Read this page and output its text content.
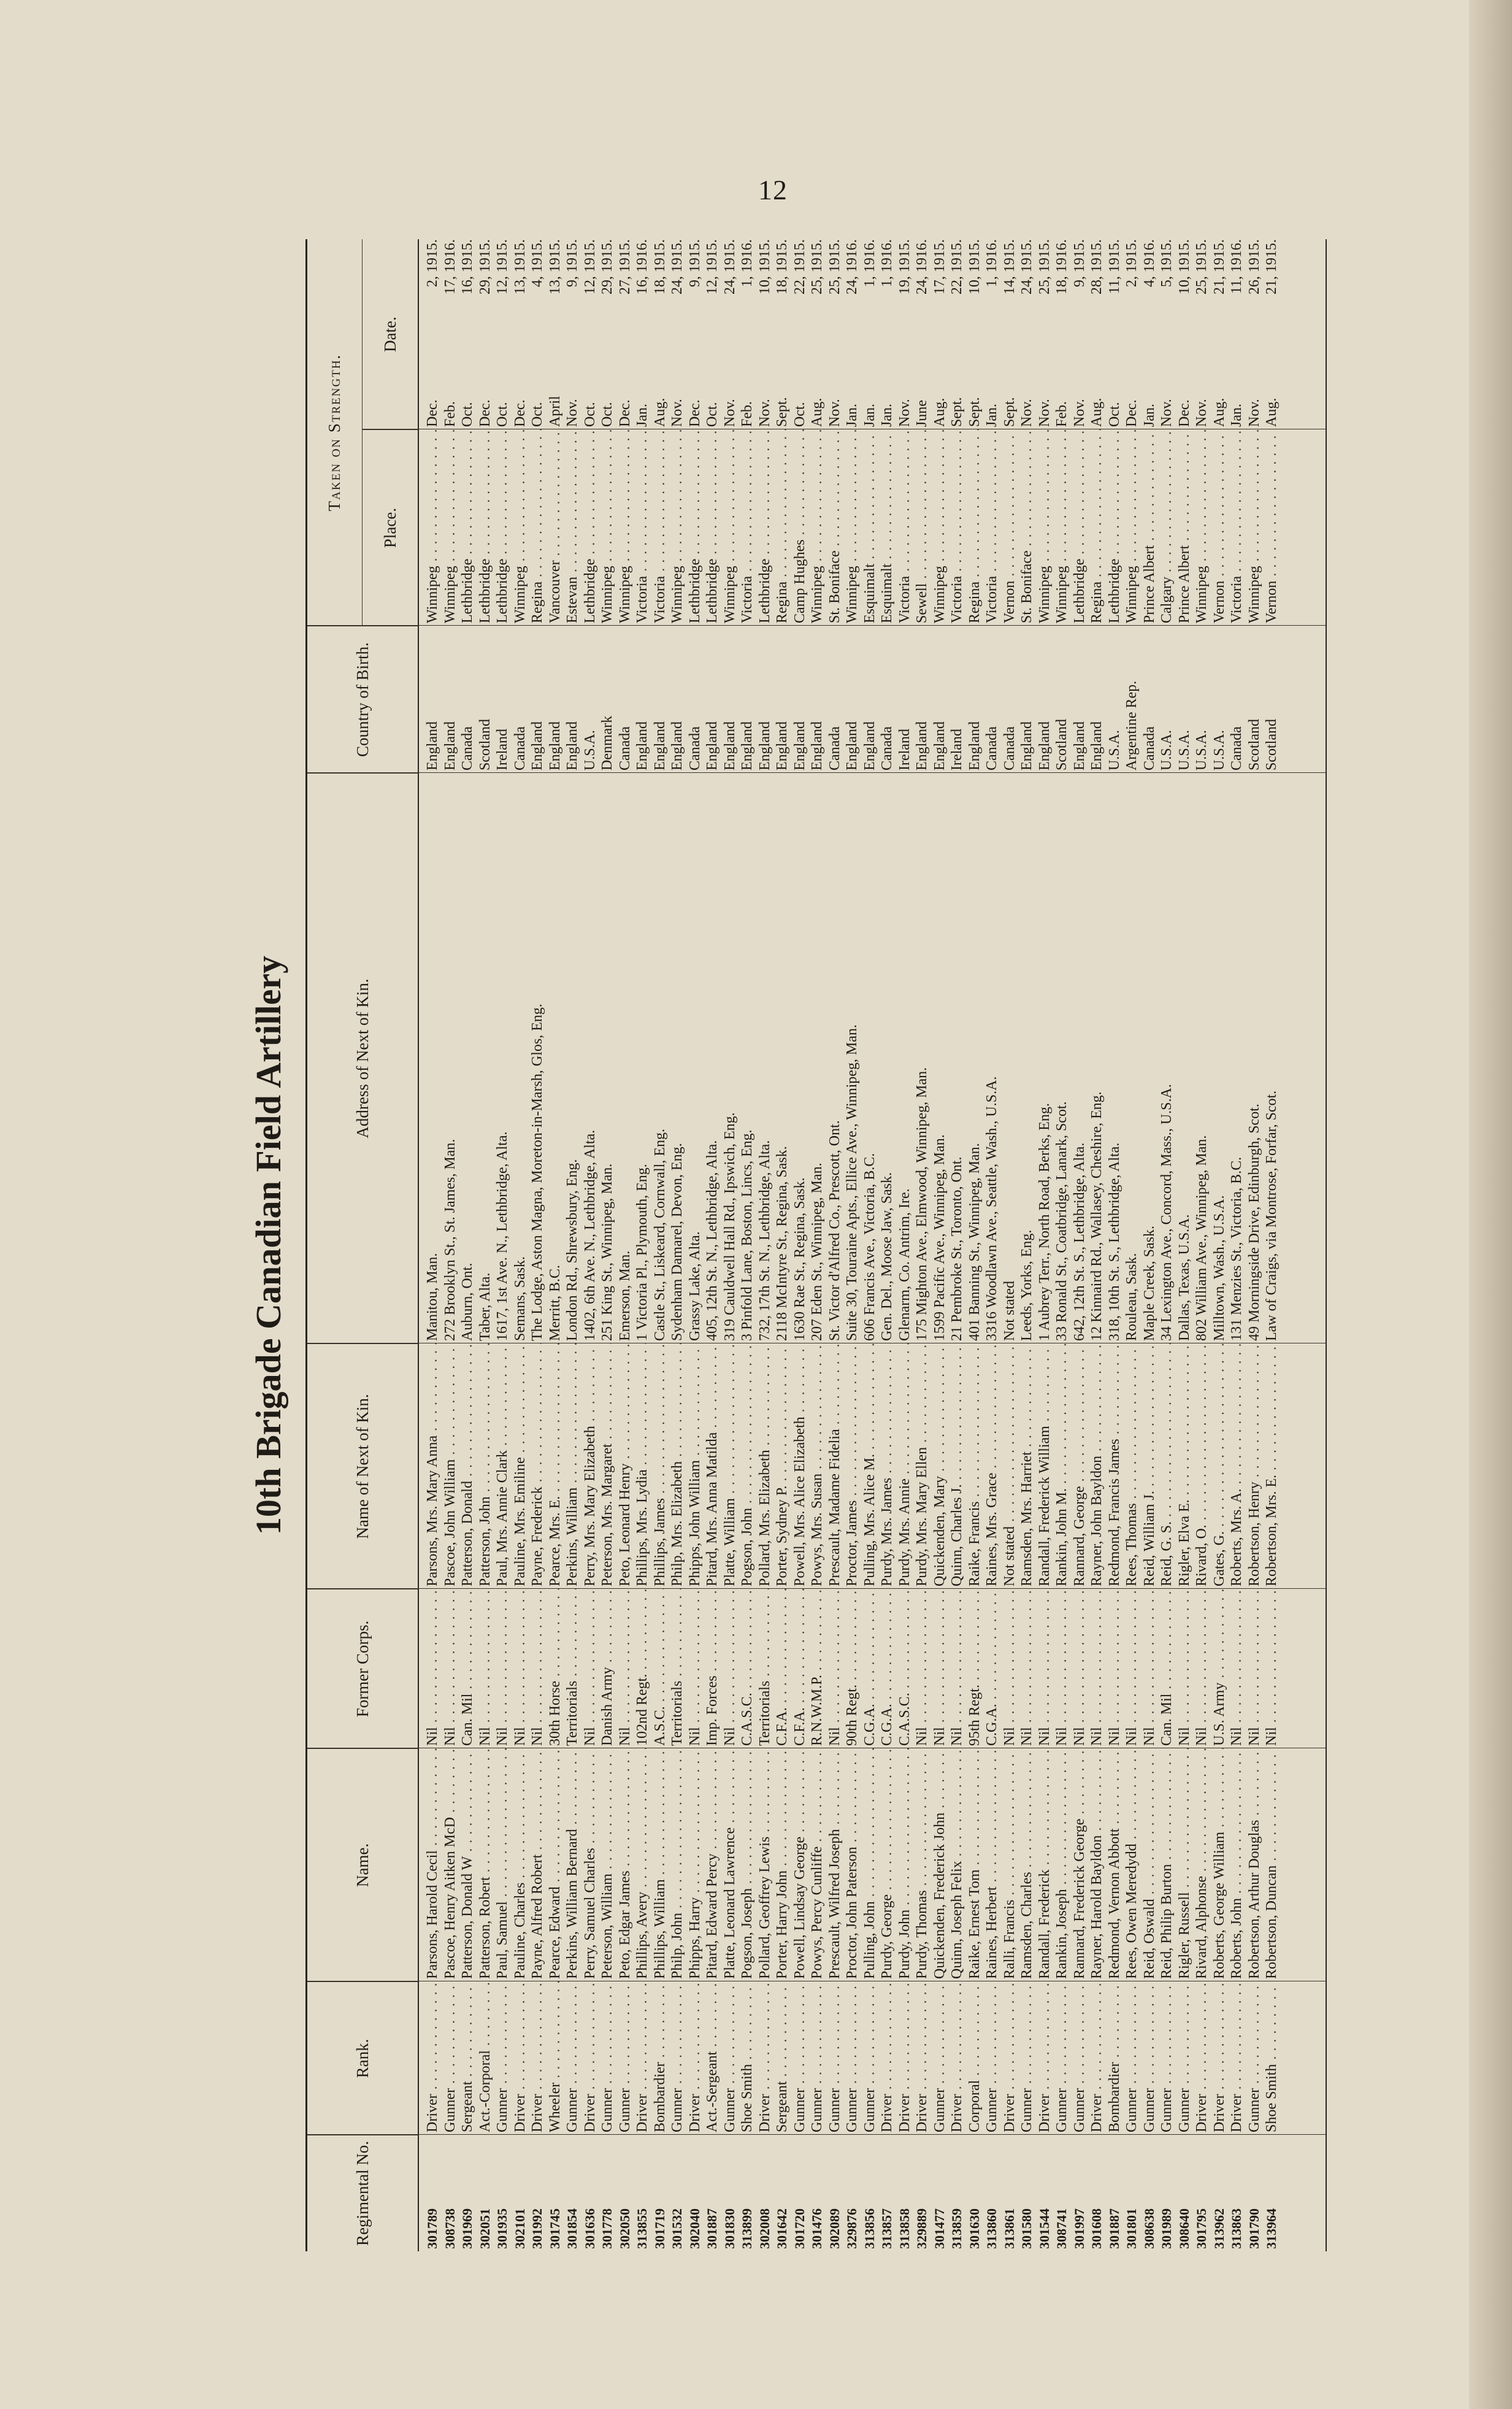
12
10th Brigade Canadian Field Artillery
Regimental No.
Rank.
Name.
Former Corps.
Name of Next of Kin.
Address of Next of Kin.
Country of Birth.
Taken on Strength.
Place.
Date.
301789
Driver . . .
Parsons, Harold Cecil . . .
Nil . . .
Parsons, Mrs. Mary Anna . . .
Manitou, Man.
England
Winnipeg . . .
Dec.
2, 1915.
308738
Gunner . . .
Pascoe, Henry Aitken McD . . .
Nil . . .
Pascoe, John William . . .
272 Brooklyn St., St. James, Man.
England
Winnipeg . . .
Feb.
17, 1916.
301969
Sergeant . . .
Patterson, Donald W . . .
Can. Mil . . .
Patterson, Donald . . .
Auburn, Ont.
Canada
Lethbridge . . .
Oct.
16, 1915.
302051
Act.-Corporal . . .
Patterson, Robert . . .
Nil . . .
Patterson, John . . .
Taber, Alta.
Scotland
Lethbridge . . .
Dec.
29, 1915.
301935
Gunner . . .
Paul, Samuel . . .
Nil . . .
Paul, Mrs. Annie Clark . . .
1617, 1st Ave. N., Lethbridge, Alta.
Ireland
Lethbridge . . .
Oct.
12, 1915.
302101
Driver . . .
Pauline, Charles . . .
Nil . . .
Pauline, Mrs. Emiline . . .
Semans, Sask.
Canada
Winnipeg . . .
Dec.
13, 1915.
301992
Driver . . .
Payne, Alfred Robert . . .
Nil . . .
Payne, Frederick . . .
The Lodge, Aston Magna, Moreton-in-Marsh, Glos, Eng.
England
Regina . . .
Oct.
4, 1915.
301745
Wheeler . . .
Pearce, Edward . . .
30th Horse . . .
Pearce, Mrs. E. . . .
Merritt, B.C.
England
Vancouver . . .
April
13, 1915.
301854
Gunner . . .
Perkins, William Bernard . . .
Territorials . . .
Perkins, William . . .
London Rd., Shrewsbury, Eng.
England
Estevan . . .
Nov.
9, 1915.
301636
Driver . . .
Perry, Samuel Charles . . .
Nil . . .
Perry, Mrs. Mary Elizabeth . . .
1402, 6th Ave. N., Lethbridge, Alta.
U.S.A.
Lethbridge . . .
Oct.
12, 1915.
301778
Gunner . . .
Peterson, William . . .
Danish Army . . .
Peterson, Mrs. Margaret . . .
251 King St., Winnipeg, Man.
Denmark
Winnipeg . . .
Oct.
29, 1915.
302050
Gunner . . .
Peto, Edgar James . . .
Nil . . .
Peto, Leonard Henry . . .
Emerson, Man.
Canada
Winnipeg . . .
Dec.
27, 1915.
313855
Driver . . .
Phillips, Avery . . .
102nd Regt. . . .
Phillips, Mrs. Lydia . . .
1 Victoria Pl., Plymouth, Eng.
England
Victoria . . .
Jan.
16, 1916.
301719
Bombardier . . .
Phillips, William . . .
A.S.C. . . .
Phillips, James . . .
Castle St., Liskeard, Cornwall, Eng.
England
Victoria . . .
Aug.
18, 1915.
301532
Gunner . . .
Philp, John . . .
Territorials . . .
Philp, Mrs. Elizabeth . . .
Sydenham Damarel, Devon, Eng.
England
Winnipeg . . .
Nov.
24, 1915.
302040
Driver . . .
Phipps, Harry . . .
Nil . . .
Phipps, John William . . .
Grassy Lake, Alta.
Canada
Lethbridge . . .
Dec.
9, 1915.
301887
Act.-Sergeant . . .
Pitard, Edward Percy . . .
Imp. Forces . . .
Pitard, Mrs. Anna Matilda . . .
405, 12th St. N., Lethbridge, Alta.
England
Lethbridge . . .
Oct.
12, 1915.
301830
Gunner . . .
Platte, Leonard Lawrence . . .
Nil . . .
Platte, William . . .
319 Cauldwell Hall Rd., Ipswich, Eng.
England
Winnipeg . . .
Nov.
24, 1915.
313899
Shoe Smith . . .
Pogson, Joseph . . .
C.A.S.C. . . .
Pogson, John . . .
3 Pinfold Lane, Boston, Lincs, Eng.
England
Victoria . . .
Feb.
1, 1916.
302008
Driver . . .
Pollard, Geoffrey Lewis . . .
Territorials . . .
Pollard, Mrs. Elizabeth . . .
732, 17th St. N., Lethbridge, Alta.
England
Lethbridge . . .
Nov.
10, 1915.
301642
Sergeant . . .
Porter, Harry John . . .
C.F.A. . . .
Porter, Sydney P. . . .
2118 McIntyre St., Regina, Sask.
England
Regina . . .
Sept.
18, 1915.
301720
Gunner . . .
Powell, Lindsay George . . .
C.F.A. . . .
Powell, Mrs. Alice Elizabeth . . .
1630 Rae St., Regina, Sask.
England
Camp Hughes . . .
Oct.
22, 1915.
301476
Gunner . . .
Powys, Percy Cunliffe . . .
R.N.W.M.P. . . .
Powys, Mrs. Susan . . .
207 Eden St., Winnipeg, Man.
England
Winnipeg . . .
Aug.
25, 1915.
302089
Gunner . . .
Prescault, Wilfred Joseph . . .
Nil . . .
Prescault, Madame Fidelia . . .
St. Victor d'Alfred Co., Prescott, Ont.
Canada
St. Boniface . . .
Nov.
25, 1915.
329876
Gunner . . .
Proctor, John Paterson . . .
90th Regt. . . .
Proctor, James . . .
Suite 30, Touraine Apts., Ellice Ave., Winnipeg, Man.
England
Winnipeg . . .
Jan.
24, 1916.
313856
Gunner . . .
Pulling, John . . .
C.G.A. . . .
Pulling, Mrs. Alice M. . . .
606 Francis Ave., Victoria, B.C.
England
Esquimalt . . .
Jan.
1, 1916.
313857
Driver . . .
Purdy, George . . .
C.G.A. . . .
Purdy, Mrs. James . . .
Gen. Del., Moose Jaw, Sask.
Canada
Esquimalt . . .
Jan.
1, 1916.
313858
Driver . . .
Purdy, John . . .
C.A.S.C. . . .
Purdy, Mrs. Annie . . .
Glenarm, Co. Antrim, Ire.
Ireland
Victoria . . .
Nov.
19, 1915.
329889
Driver . . .
Purdy, Thomas . . .
Nil . . .
Purdy, Mrs. Mary Ellen . . .
175 Mighton Ave., Elmwood, Winnipeg, Man.
England
Sewell . . .
June
24, 1916.
301477
Gunner . . .
Quickenden, Frederick John . . .
Nil . . .
Quickenden, Mary . . .
1599 Pacific Ave., Winnipeg, Man.
England
Winnipeg . . .
Aug.
17, 1915.
313859
Driver . . .
Quinn, Joseph Felix . . .
Nil . . .
Quinn, Charles J. . . .
21 Pembroke St., Toronto, Ont.
Ireland
Victoria . . .
Sept.
22, 1915.
301630
Corporal . . .
Raike, Ernest Tom . . .
95th Regt. . . .
Raike, Francis . . .
401 Banning St., Winnipeg, Man.
England
Regina . . .
Sept.
10, 1915.
313860
Gunner . . .
Raines, Herbert . . .
C.G.A. . . .
Raines, Mrs. Grace . . .
3316 Woodlawn Ave., Seattle, Wash., U.S.A.
Canada
Victoria . . .
Jan.
1, 1916.
313861
Driver . . .
Ralli, Francis . . .
Nil . . .
Not stated . . .
Not stated
Canada
Vernon . . .
Sept.
14, 1915.
301580
Gunner . . .
Ramsden, Charles . . .
Nil . . .
Ramsden, Mrs. Harriet . . .
Leeds, Yorks, Eng.
England
St. Boniface . . .
Nov.
24, 1915.
301544
Driver . . .
Randall, Frederick . . .
Nil . . .
Randall, Frederick William . . .
1 Aubrey Terr., North Road, Berks, Eng.
England
Winnipeg . . .
Nov.
25, 1915.
308741
Gunner . . .
Rankin, Joseph . . .
Nil . . .
Rankin, John M. . . .
33 Ronald St., Coatbridge, Lanark, Scot.
Scotland
Winnipeg . . .
Feb.
18, 1916.
301997
Gunner . . .
Rannard, Frederick George . . .
Nil . . .
Rannard, George . . .
642, 12th St. S., Lethbridge, Alta.
England
Lethbridge . . .
Nov.
9, 1915.
301608
Driver . . .
Rayner, Harold Bayldon . . .
Nil . . .
Rayner, John Bayldon . . .
12 Kinnaird Rd., Wallasey, Cheshire, Eng.
England
Regina . . .
Aug.
28, 1915.
301887
Bombardier . . .
Redmond, Vernon Abbott . . .
Nil . . .
Redmond, Francis James . . .
318, 10th St. S., Lethbridge, Alta.
U.S.A.
Lethbridge . . .
Oct.
11, 1915.
301801
Gunner . . .
Rees, Owen Meredydd . . .
Nil . . .
Rees, Thomas . . .
Rouleau, Sask.
Argentine Rep.
Winnipeg . . .
Dec.
2, 1915.
308638
Gunner . . .
Reid, Oswald . . .
Nil . . .
Reid, William J. . . .
Maple Creek, Sask.
Canada
Prince Albert . . .
Jan.
4, 1916.
301989
Gunner . . .
Reid, Philip Burton . . .
Can. Mil . . .
Reid, G. S. . . .
34 Lexington Ave., Concord, Mass., U.S.A.
U.S.A.
Calgary . . .
Nov.
5, 1915.
308640
Gunner . . .
Rigler, Russell . . .
Nil . . .
Rigler, Elva E. . . .
Dallas, Texas, U.S.A.
U.S.A.
Prince Albert . . .
Dec.
10, 1915.
301795
Driver . . .
Rivard, Alphonse . . .
Nil . . .
Rivard, O. . . .
802 William Ave., Winnipeg, Man.
U.S.A.
Winnipeg . . .
Nov.
25, 1915.
313962
Driver . . .
Roberts, George William . . .
U.S. Army . . .
Gates, G. . . .
Milltown, Wash., U.S.A.
U.S.A.
Vernon . . .
Aug.
21, 1915.
313863
Driver . . .
Roberts, John . . .
Nil . . .
Roberts, Mrs. A. . . .
131 Menzies St., Victoria, B.C.
Canada
Victoria . . .
Jan.
11, 1916.
301790
Gunner . . .
Robertson, Arthur Douglas . . .
Nil . . .
Robertson, Henry . . .
49 Morningside Drive, Edinburgh, Scot.
Scotland
Winnipeg . . .
Nov.
26, 1915.
313964
Shoe Smith . . .
Robertson, Duncan . . .
Nil . . .
Robertson, Mrs. E. . . .
Law of Craigs, via Montrose, Forfar, Scot.
Scotland
Vernon . . .
Aug.
21, 1915.
